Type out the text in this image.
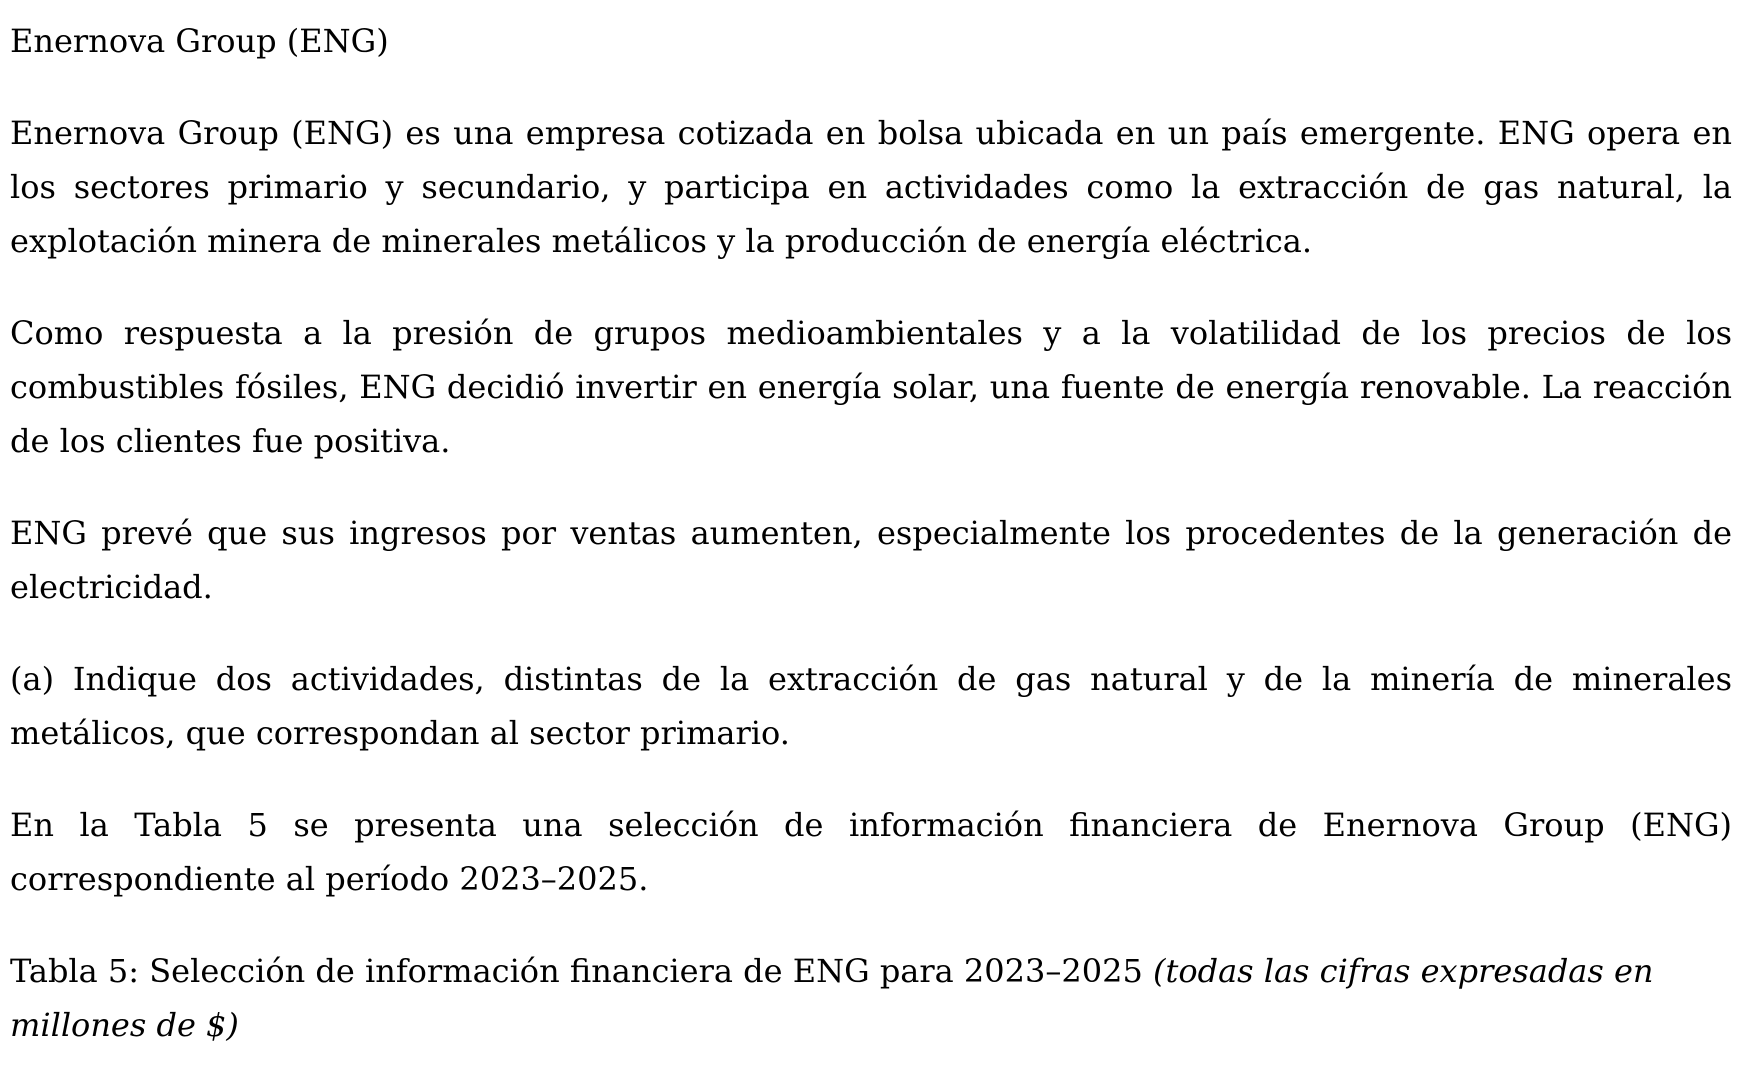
Enernova Group (ENG)

Enernova Group (ENG) es una empresa cotizada en bolsa ubicada en un país emergente. ENG opera en los sectores primario y secundario, y participa en actividades como la extracción de gas natural, la explotación minera de minerales metálicos y la producción de energía eléctrica.

Como respuesta a la presión de grupos medioambientales y a la volatilidad de los precios de los combustibles fósiles, ENG decidió invertir en energía solar, una fuente de energía renovable. La reacción de los clientes fue positiva.

ENG prevé que sus ingresos por ventas aumenten, especialmente los procedentes de la generación de electricidad.

(a) Indique dos actividades, distintas de la extracción de gas natural y de la minería de minerales metálicos, que correspondan al sector primario.

En la Tabla 5 se presenta una selección de información financiera de Enernova Group (ENG) correspondiente al período 2023–2025.

Tabla 5: Selección de información financiera de ENG para 2023–2025 (todas las cifras expresadas en millones de $)
